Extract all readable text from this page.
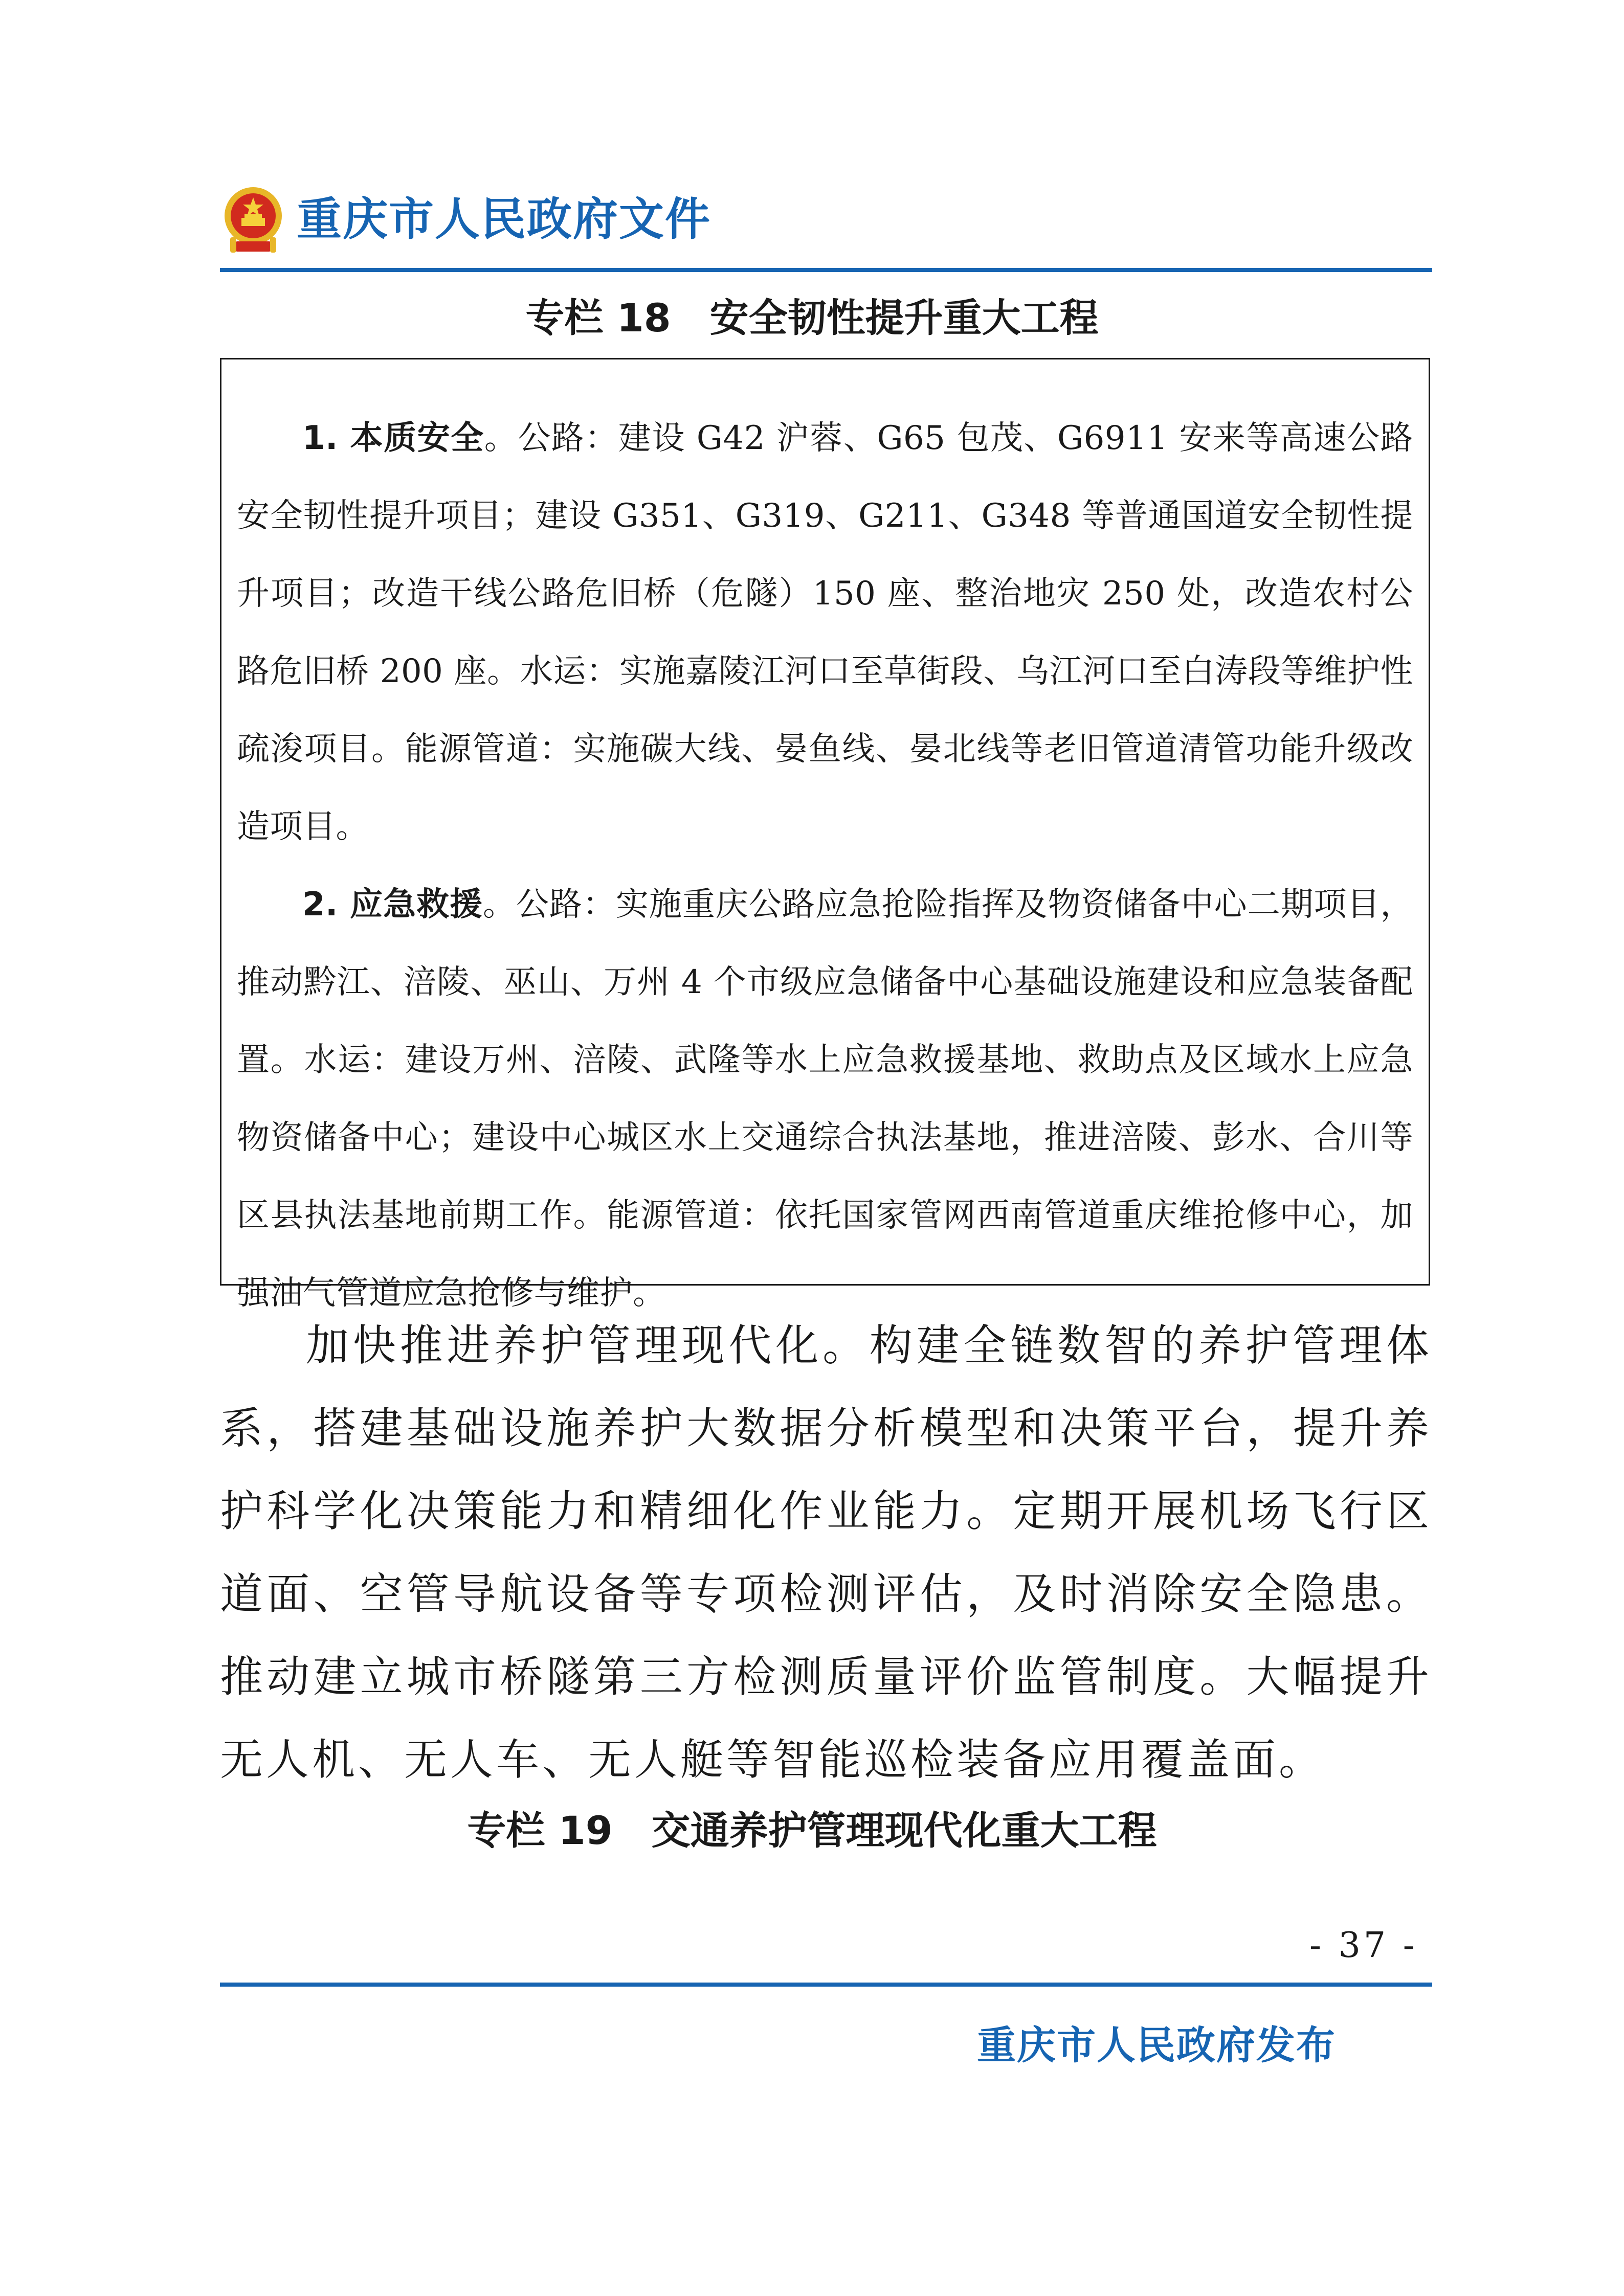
重庆市人民政府文件
专栏 18　安全韧性提升重大工程

1. 本质安全。公路：建设 G42 沪蓉、G65 包茂、G6911 安来等高速公路安全韧性提升项目；建设 G351、G319、G211、G348 等普通国道安全韧性提升项目；改造干线公路危旧桥（危隧）150 座、整治地灾 250 处，改造农村公路危旧桥 200 座。水运：实施嘉陵江河口至草街段、乌江河口至白涛段等维护性疏浚项目。能源管道：实施碳大线、晏鱼线、晏北线等老旧管道清管功能升级改造项目。

2. 应急救援。公路：实施重庆公路应急抢险指挥及物资储备中心二期项目，推动黔江、涪陵、巫山、万州 4 个市级应急储备中心基础设施建设和应急装备配置。水运：建设万州、涪陵、武隆等水上应急救援基地、救助点及区域水上应急物资储备中心；建设中心城区水上交通综合执法基地，推进涪陵、彭水、合川等区县执法基地前期工作。能源管道：依托国家管网西南管道重庆维抢修中心，加强油气管道应急抢修与维护。

加快推进养护管理现代化。构建全链数智的养护管理体系，搭建基础设施养护大数据分析模型和决策平台，提升养护科学化决策能力和精细化作业能力。定期开展机场飞行区道面、空管导航设备等专项检测评估，及时消除安全隐患。推动建立城市桥隧第三方检测质量评价监管制度。大幅提升无人机、无人车、无人艇等智能巡检装备应用覆盖面。

专栏 19　交通养护管理现代化重大工程
- 37 -
重庆市人民政府发布
